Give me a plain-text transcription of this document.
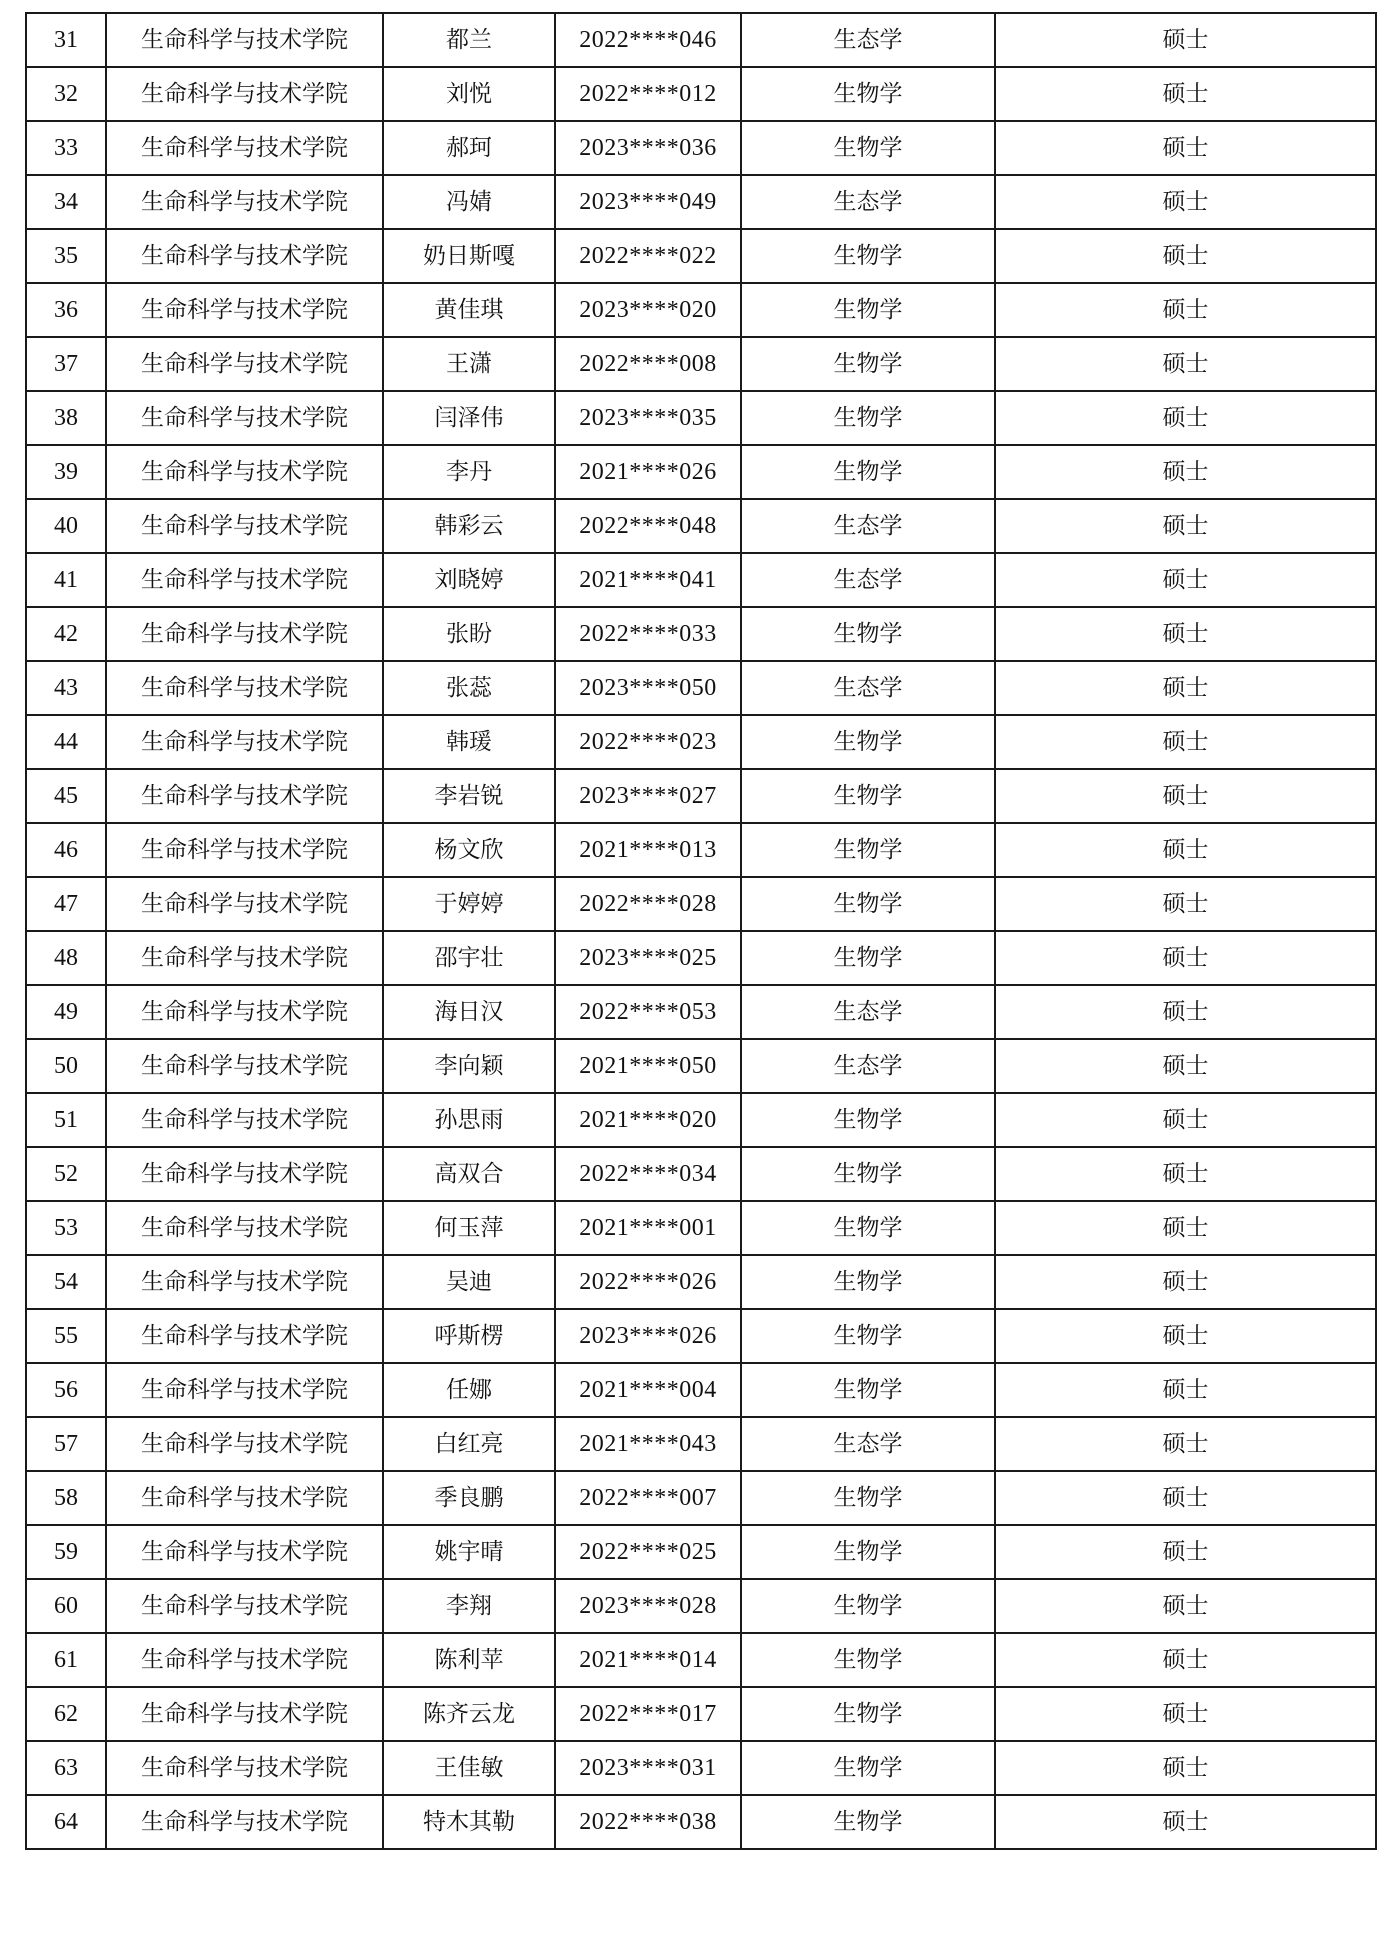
31	生命科学与技术学院	都兰	2022****046	生态学	硕士
32	生命科学与技术学院	刘悦	2022****012	生物学	硕士
33	生命科学与技术学院	郝珂	2023****036	生物学	硕士
34	生命科学与技术学院	冯婧	2023****049	生态学	硕士
35	生命科学与技术学院	奶日斯嘎	2022****022	生物学	硕士
36	生命科学与技术学院	黄佳琪	2023****020	生物学	硕士
37	生命科学与技术学院	王潇	2022****008	生物学	硕士
38	生命科学与技术学院	闫泽伟	2023****035	生物学	硕士
39	生命科学与技术学院	李丹	2021****026	生物学	硕士
40	生命科学与技术学院	韩彩云	2022****048	生态学	硕士
41	生命科学与技术学院	刘晓婷	2021****041	生态学	硕士
42	生命科学与技术学院	张盼	2022****033	生物学	硕士
43	生命科学与技术学院	张蕊	2023****050	生态学	硕士
44	生命科学与技术学院	韩瑗	2022****023	生物学	硕士
45	生命科学与技术学院	李岩锐	2023****027	生物学	硕士
46	生命科学与技术学院	杨文欣	2021****013	生物学	硕士
47	生命科学与技术学院	于婷婷	2022****028	生物学	硕士
48	生命科学与技术学院	邵宇壮	2023****025	生物学	硕士
49	生命科学与技术学院	海日汉	2022****053	生态学	硕士
50	生命科学与技术学院	李向颖	2021****050	生态学	硕士
51	生命科学与技术学院	孙思雨	2021****020	生物学	硕士
52	生命科学与技术学院	高双合	2022****034	生物学	硕士
53	生命科学与技术学院	何玉萍	2021****001	生物学	硕士
54	生命科学与技术学院	吴迪	2022****026	生物学	硕士
55	生命科学与技术学院	呼斯楞	2023****026	生物学	硕士
56	生命科学与技术学院	任娜	2021****004	生物学	硕士
57	生命科学与技术学院	白红亮	2021****043	生态学	硕士
58	生命科学与技术学院	季良鹏	2022****007	生物学	硕士
59	生命科学与技术学院	姚宇晴	2022****025	生物学	硕士
60	生命科学与技术学院	李翔	2023****028	生物学	硕士
61	生命科学与技术学院	陈利苹	2021****014	生物学	硕士
62	生命科学与技术学院	陈齐云龙	2022****017	生物学	硕士
63	生命科学与技术学院	王佳敏	2023****031	生物学	硕士
64	生命科学与技术学院	特木其勒	2022****038	生物学	硕士
